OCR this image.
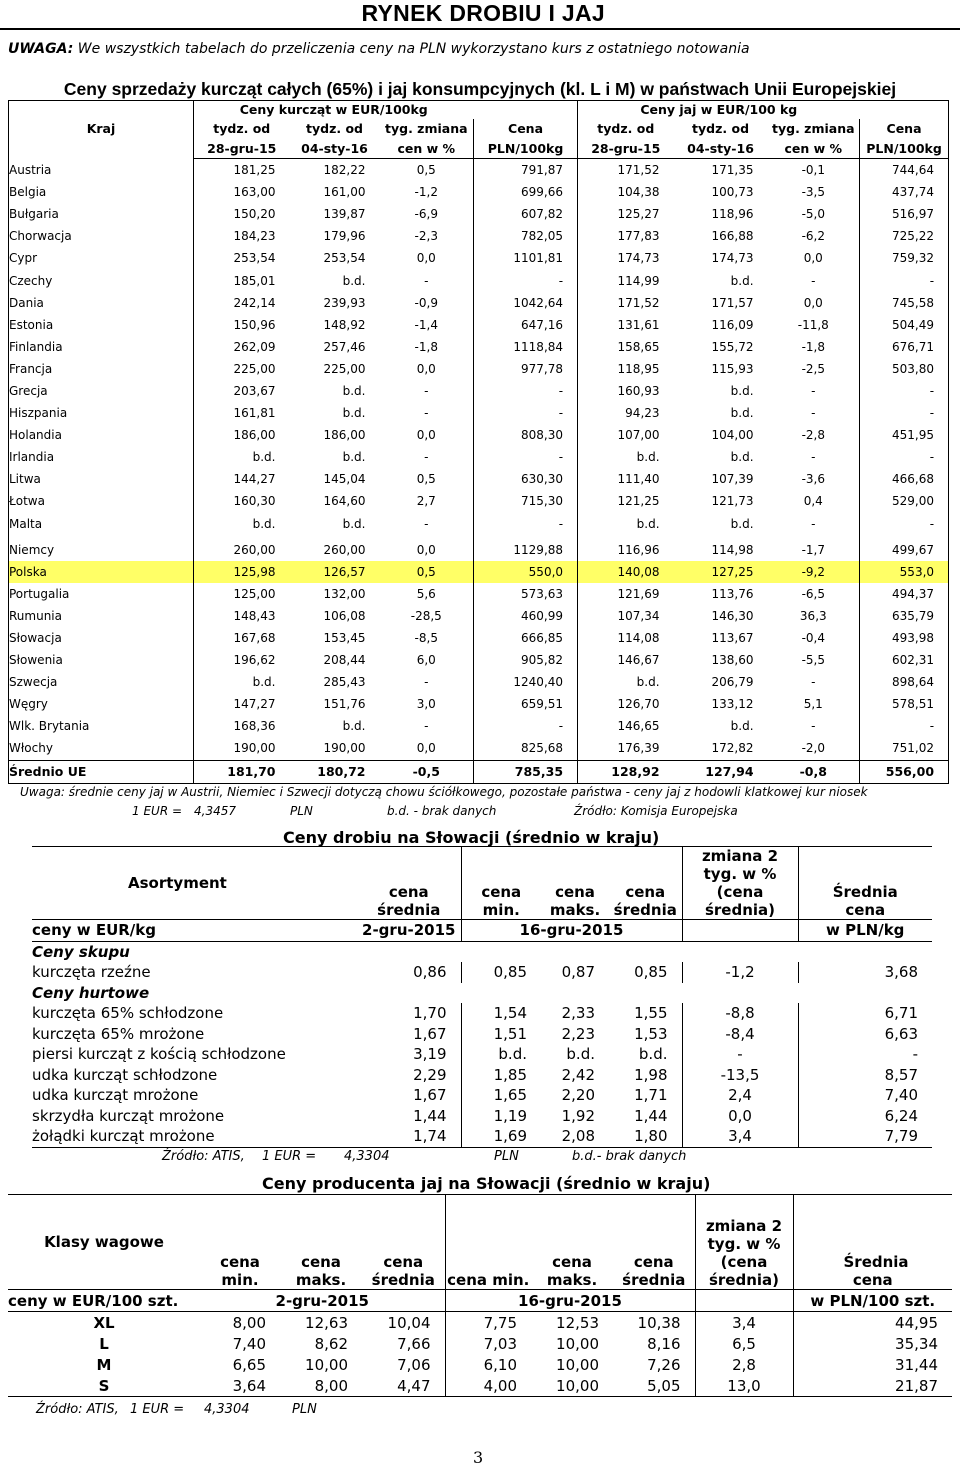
RYNEK DROBIU I JAJ
UWAGA: We wszystkich tabelach do przeliczenia ceny na PLN wykorzystano kurs z ostatniego notowania
Ceny sprzedaży kurcząt całych (65%) i jaj konsumpcyjnych (kl. L i M) w państwach Unii Europejskiej
Kraj	Ceny kurcząt w EUR/100kg				Ceny jaj w EUR/100 kg			
	tydz. od	tydz. od	tyg. zmiana	Cena	tydz. od	tydz. od	tyg. zmiana	Cena
	28-gru-15	04-sty-16	cen w %	PLN/100kg	28-gru-15	04-sty-16	cen w %	PLN/100kg
Austria	181,25	182,22	0,5	791,87	171,52	171,35	-0,1	744,64
Belgia	163,00	161,00	-1,2	699,66	104,38	100,73	-3,5	437,74
Bułgaria	150,20	139,87	-6,9	607,82	125,27	118,96	-5,0	516,97
Chorwacja	184,23	179,96	-2,3	782,05	177,83	166,88	-6,2	725,22
Cypr	253,54	253,54	0,0	1101,81	174,73	174,73	0,0	759,32
Czechy	185,01	b.d.	-	-	114,99	b.d.	-	-
Dania	242,14	239,93	-0,9	1042,64	171,52	171,57	0,0	745,58
Estonia	150,96	148,92	-1,4	647,16	131,61	116,09	-11,8	504,49
Finlandia	262,09	257,46	-1,8	1118,84	158,65	155,72	-1,8	676,71
Francja	225,00	225,00	0,0	977,78	118,95	115,93	-2,5	503,80
Grecja	203,67	b.d.	-	-	160,93	b.d.	-	-
Hiszpania	161,81	b.d.	-	-	94,23	b.d.	-	-
Holandia	186,00	186,00	0,0	808,30	107,00	104,00	-2,8	451,95
Irlandia	b.d.	b.d.	-	-	b.d.	b.d.	-	-
Litwa	144,27	145,04	0,5	630,30	111,40	107,39	-3,6	466,68
Łotwa	160,30	164,60	2,7	715,30	121,25	121,73	0,4	529,00
Malta	b.d.	b.d.	-	-	b.d.	b.d.	-	-

Niemcy	260,00	260,00	0,0	1129,88	116,96	114,98	-1,7	499,67
Polska	125,98	126,57	0,5	550,0	140,08	127,25	-9,2	553,0
Portugalia	125,00	132,00	5,6	573,63	121,69	113,76	-6,5	494,37
Rumunia	148,43	106,08	-28,5	460,99	107,34	146,30	36,3	635,79
Słowacja	167,68	153,45	-8,5	666,85	114,08	113,67	-0,4	493,98
Słowenia	196,62	208,44	6,0	905,82	146,67	138,60	-5,5	602,31
Szwecja	b.d.	285,43	-	1240,40	b.d.	206,79	-	898,64
Węgry	147,27	151,76	3,0	659,51	126,70	133,12	5,1	578,51
Wlk. Brytania	168,36	b.d.	-	-	146,65	b.d.	-	-
Włochy	190,00	190,00	0,0	825,68	176,39	172,82	-2,0	751,02
Średnio UE	181,70	180,72	-0,5	785,35	128,92	127,94	-0,8	556,00
Uwaga: średnie ceny jaj w Austrii, Niemiec i Szwecji dotyczą chowu ściółkowego, pozostałe państwa - ceny jaj z hodowli klatkowej kur niosek
1 EUR = 4,3457	PLN	b.d. - brak danych	Źródło: Komisja Europejska
Ceny drobiu na Słowacji (średnio w kraju)
Asortyment	cena średnia	cena min.	cena maks.	cena średnia	zmiana 2 tyg. w % (cena średnia)	Średnia cena
ceny w EUR/kg	2-gru-2015	16-gru-2015				w PLN/kg
Ceny skupu						
kurczęta rzeźne	0,86	0,85	0,87	0,85	-1,2	3,68
Ceny hurtowe						
kurczęta 65% schłodzone	1,70	1,54	2,33	1,55	-8,8	6,71
kurczęta 65% mrożone	1,67	1,51	2,23	1,53	-8,4	6,63
piersi kurcząt z kością schłodzone	3,19	b.d.	b.d.	b.d.	-	-
udka kurcząt schłodzone	2,29	1,85	2,42	1,98	-13,5	8,57
udka kurcząt mrożone	1,67	1,65	2,20	1,71	2,4	7,40
skrzydła kurcząt mrożone	1,44	1,19	1,92	1,44	0,0	6,24
żołądki kurcząt mrożone	1,74	1,69	2,08	1,80	3,4	7,79
Źródło: ATIS, 1 EUR = 4,3304	PLN	b.d.- brak danych
Ceny producenta jaj na Słowacji (średnio w kraju)
Klasy wagowe	cena min.	cena maks.	cena średnia	cena min.	cena maks.	cena średnia	zmiana 2 tyg. w % (cena średnia)	Średnia cena
ceny w EUR/100 szt.	2-gru-2015			16-gru-2015				w PLN/100 szt.
XL	8,00	12,63	10,04	7,75	12,53	10,38	3,4	44,95
L	7,40	8,62	7,66	7,03	10,00	8,16	6,5	35,34
M	6,65	10,00	7,06	6,10	10,00	7,26	2,8	31,44
S	3,64	8,00	4,47	4,00	10,00	5,05	13,0	21,87
Źródło: ATIS, 1 EUR = 4,3304	PLN
3
